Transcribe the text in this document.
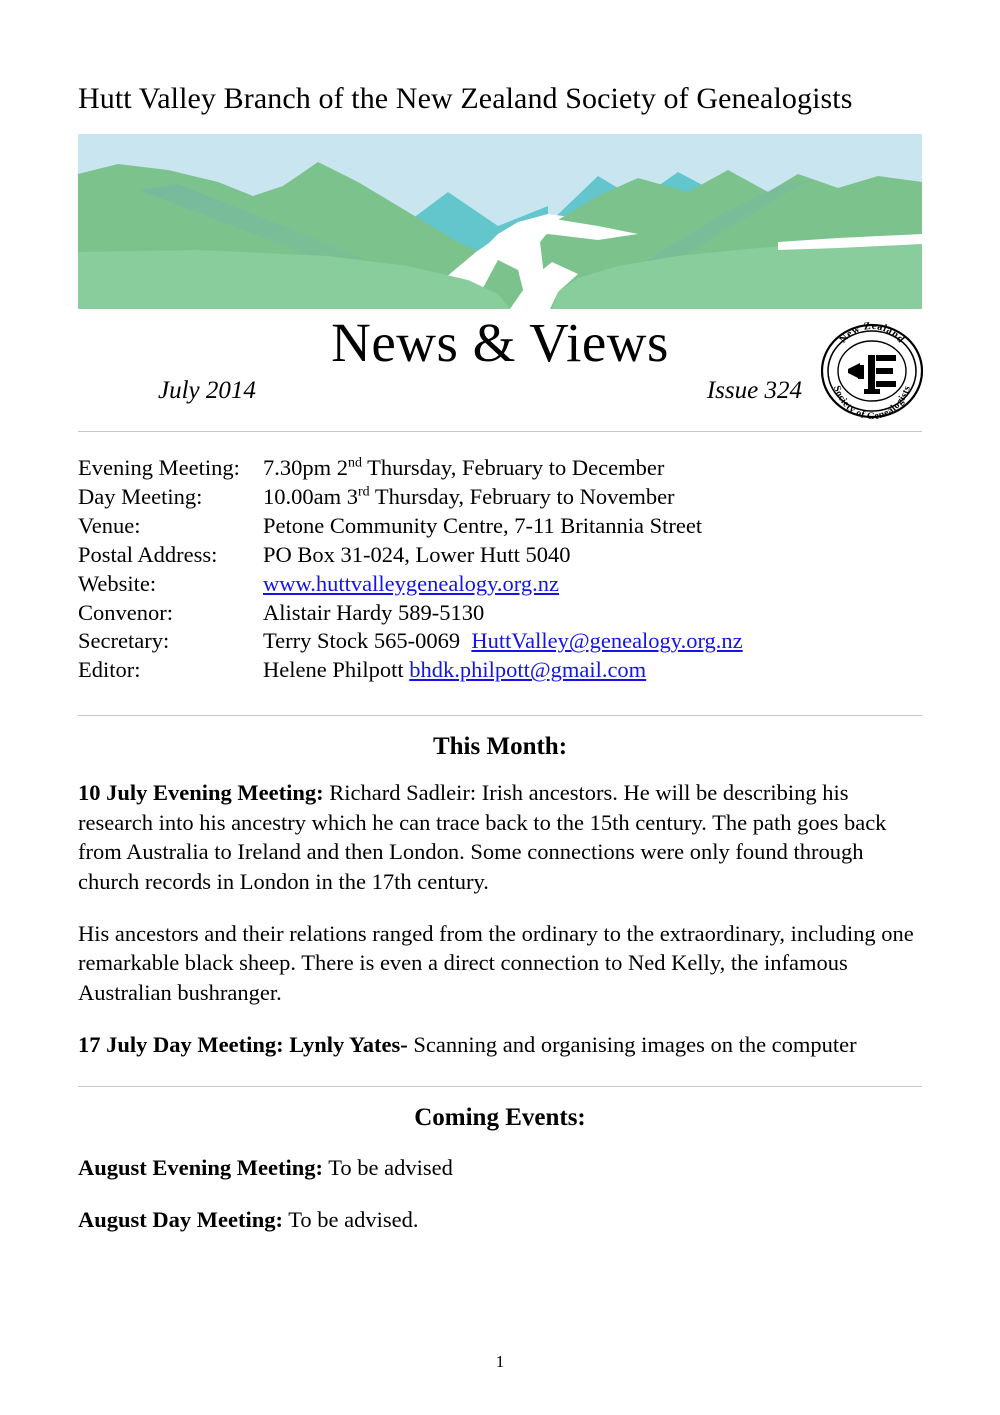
Hutt Valley Branch of the New Zealand Society of Genealogists
News & Views
July 2014	Issue 324
New Zealand
Society of Genealogists
Evening Meeting:	7.30pm 2nd Thursday, February to December
Day Meeting:	10.00am 3rd Thursday, February to November
Venue:	Petone Community Centre, 7-11 Britannia Street
Postal Address:	PO Box 31-024, Lower Hutt 5040
Website:	www.huttvalleygenealogy.org.nz
Convenor:	Alistair Hardy 589-5130
Secretary:	Terry Stock 565-0069 HuttValley@genealogy.org.nz
Editor:	Helene Philpott bhdk.philpott@gmail.com
This Month:

10 July Evening Meeting: Richard Sadleir: Irish ancestors. He will be describing his research into his ancestry which he can trace back to the 15th century. The path goes back from Australia to Ireland and then London. Some connections were only found through church records in London in the 17th century.

His ancestors and their relations ranged from the ordinary to the extraordinary, including one remarkable black sheep. There is even a direct connection to Ned Kelly, the infamous Australian bushranger.

17 July Day Meeting: Lynly Yates- Scanning and organising images on the computer

Coming Events:

August Evening Meeting: To be advised

August Day Meeting: To be advised.

1
